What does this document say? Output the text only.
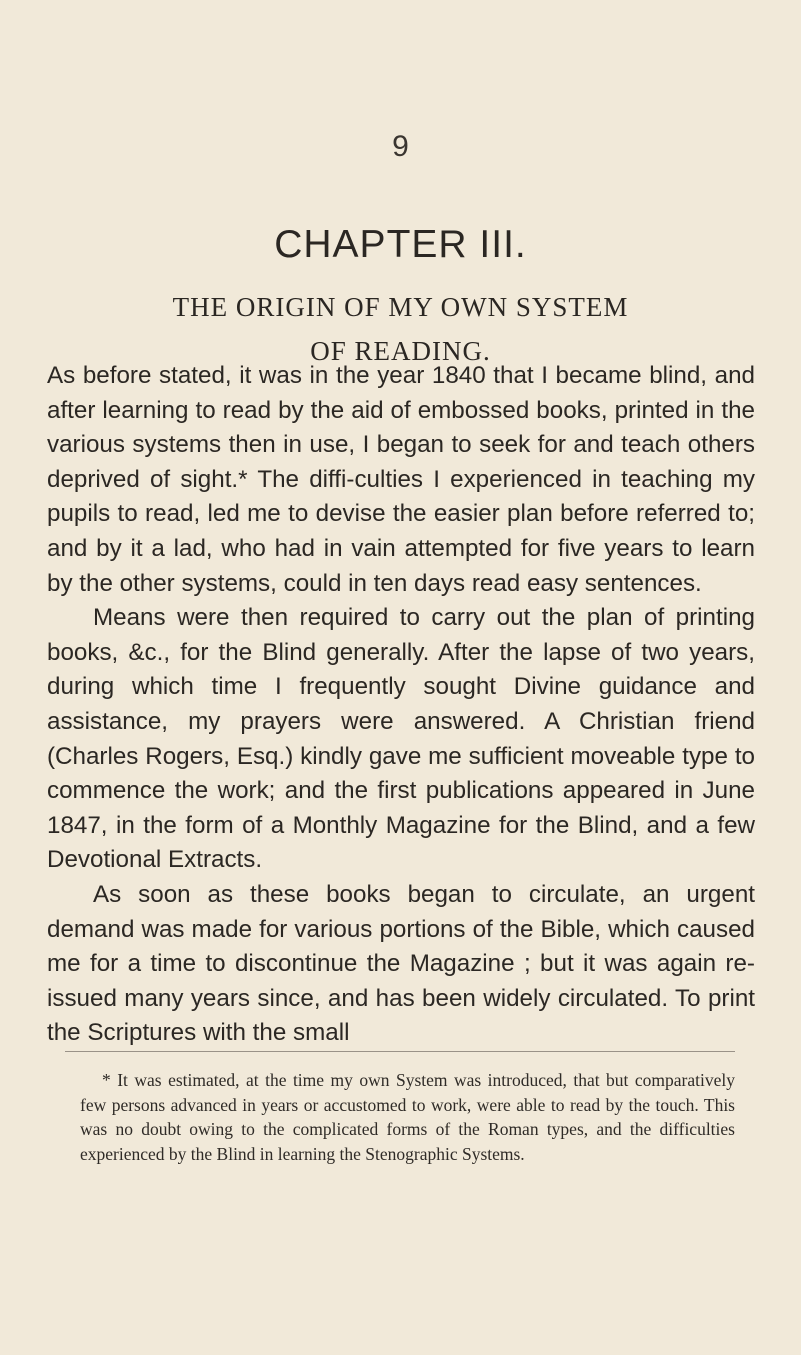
9
CHAPTER III.
THE ORIGIN OF MY OWN SYSTEM
OF READING.

As before stated, it was in the year 1840 that I became blind, and after learning to read by the aid of embossed books, printed in the various systems then in use, I began to seek for and teach others deprived of sight.* The diffi-culties I experienced in teaching my pupils to read, led me to devise the easier plan before referred to; and by it a lad, who had in vain attempted for five years to learn by the other systems, could in ten days read easy sentences.

Means were then required to carry out the plan of printing books, &c., for the Blind generally. After the lapse of two years, during which time I frequently sought Divine guidance and assistance, my prayers were answered. A Christian friend (Charles Rogers, Esq.) kindly gave me sufficient moveable type to commence the work; and the first publications appeared in June 1847, in the form of a Monthly Magazine for the Blind, and a few Devotional Extracts.

As soon as these books began to circulate, an urgent demand was made for various portions of the Bible, which caused me for a time to discontinue the Magazine ; but it was again re-issued many years since, and has been widely circulated. To print the Scriptures with the small

* It was estimated, at the time my own System was introduced, that but comparatively few persons advanced in years or accustomed to work, were able to read by the touch. This was no doubt owing to the complicated forms of the Roman types, and the difficulties experienced by the Blind in learning the Stenographic Systems.
